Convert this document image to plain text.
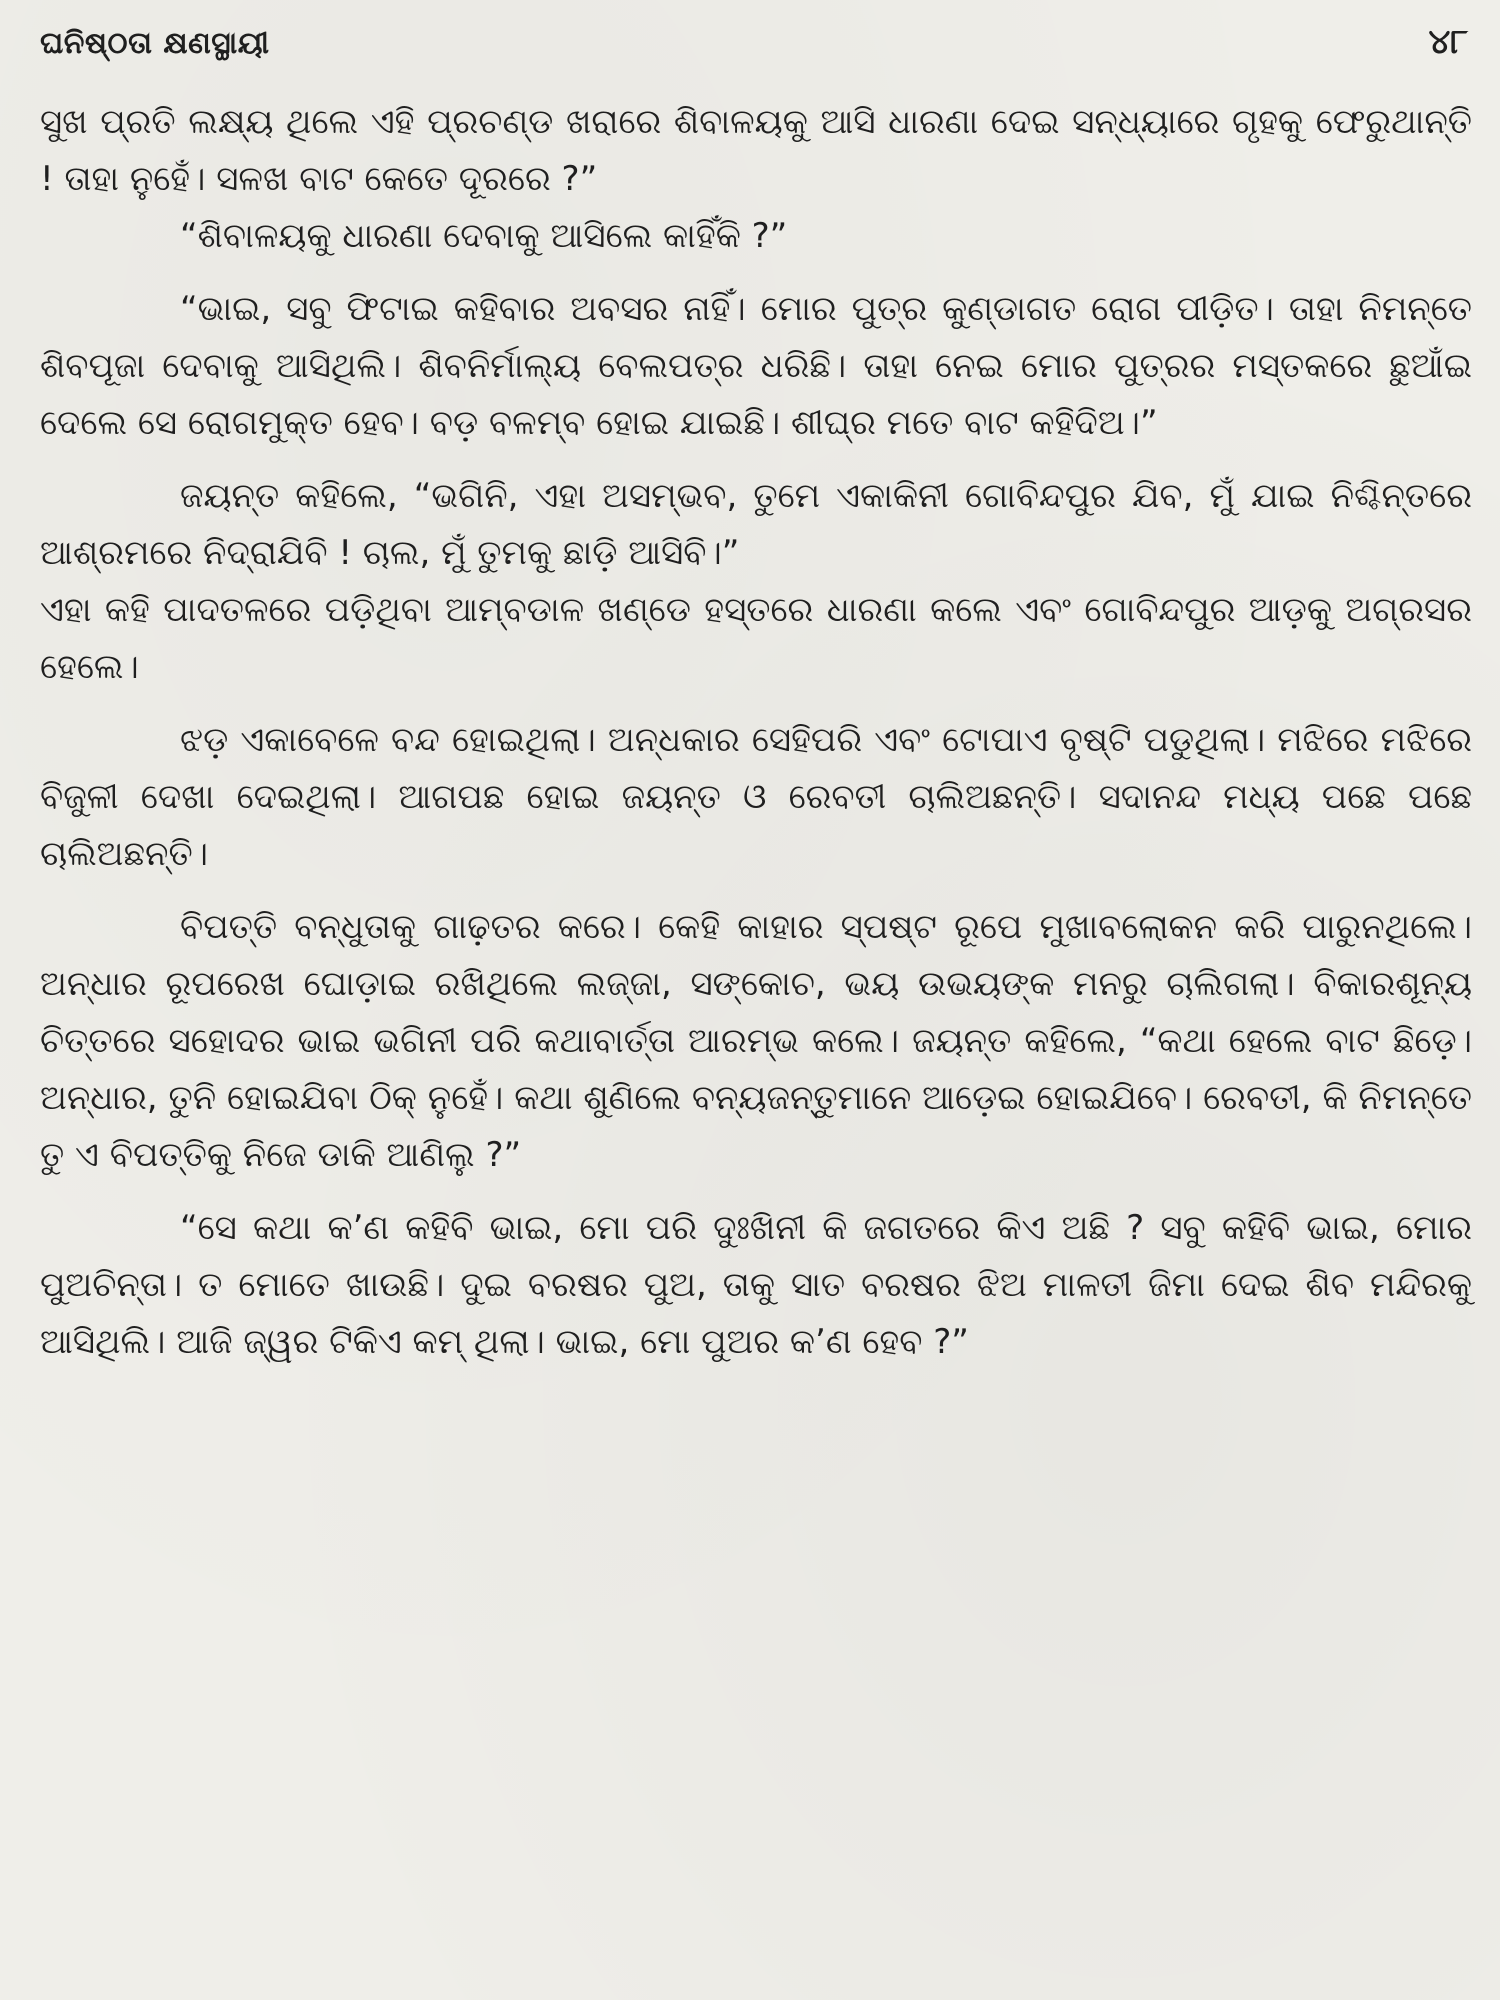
ଘନିଷ୍ଠତା କ୍ଷଣସ୍ଥାୟୀ	୪୮

ସୁଖ ପ୍ରତି ଲକ୍ଷ୍ୟ ଥିଲେ ଏହି ପ୍ରଚଣ୍ଡ ଖରାରେ ଶିବାଳୟକୁ ଆସି ଧାରଣା ଦେଇ ସନ୍ଧ୍ୟାରେ ଗୃହକୁ ଫେରୁଥାନ୍ତି ! ତାହା ନୁହେଁ। ସଳଖ ବାଟ କେତେ ଦୂରରେ ?”

“ଶିବାଳୟକୁ ଧାରଣା ଦେବାକୁ ଆସିଲେ କାହିଁକି ?”

“ଭାଇ, ସବୁ ଫିଟାଇ କହିବାର ଅବସର ନାହିଁ। ମୋର ପୁତ୍ର କୁଣ୍ଡାଗତ ରୋଗ ପୀଡ଼ିତ। ତାହା ନିମନ୍ତେ ଶିବପୂଜା ଦେବାକୁ ଆସିଥିଲି। ଶିବନିର୍ମାଲ୍ୟ ବେଲପତ୍ର ଧରିଛି। ତାହା ନେଇ ମୋର ପୁତ୍ରର ମସ୍ତକରେ ଛୁଆଁଇ ଦେଲେ ସେ ରୋଗମୁକ୍ତ ହେବ। ବଡ଼ ବଳମ୍ବ ହୋଇ ଯାଇଛି। ଶୀଘ୍ର ମତେ ବାଟ କହିଦିଅ।”

ଜୟନ୍ତ କହିଲେ, “ଭଗିନି, ଏହା ଅସମ୍ଭବ, ତୁମେ ଏକାକିନୀ ଗୋବିନ୍ଦପୁର ଯିବ, ମୁଁ ଯାଇ ନିଶ୍ଚିନ୍ତରେ ଆଶ୍ରମରେ ନିଦ୍ରାଯିବି ! ଚାଲ, ମୁଁ ତୁମକୁ ଛାଡ଼ି ଆସିବି।”

ଏହା କହି ପାଦତଳରେ ପଡ଼ିଥିବା ଆମ୍ବଡାଳ ଖଣ୍ଡେ ହସ୍ତରେ ଧାରଣା କଲେ ଏବଂ ଗୋବିନ୍ଦପୁର ଆଡ଼କୁ ଅଗ୍ରସର ହେଲେ।

ଝଡ଼ ଏକାବେଳେ ବନ୍ଦ ହୋଇଥିଲା। ଅନ୍ଧକାର ସେହିପରି ଏବଂ ଟୋପାଏ ବୃଷ୍ଟି ପଡୁଥିଲା। ମଝିରେ ମଝିରେ ବିଜୁଳୀ ଦେଖା ଦେଇଥିଲା। ଆଗପଛ ହୋଇ ଜୟନ୍ତ ଓ ରେବତୀ ଚାଲିଅଛନ୍ତି। ସଦାନନ୍ଦ ମଧ୍ୟ ପଛେ ପଛେ ଚାଲିଅଛନ୍ତି।

ବିପତ୍ତି ବନ୍ଧୁତାକୁ ଗାଢ଼ତର କରେ। କେହି କାହାର ସ୍ପଷ୍ଟ ରୂପେ ମୁଖାବଲୋକନ କରି ପାରୁନଥିଲେ। ଅନ୍ଧାର ରୂପରେଖ ଘୋଡ଼ାଇ ରଖିଥିଲେ ଲଜ୍ଜା, ସଙ୍କୋଚ, ଭୟ ଉଭୟଙ୍କ ମନରୁ ଚାଲିଗଲା। ବିକାରଶୂନ୍ୟ ଚିତ୍ତରେ ସହୋଦର ଭାଇ ଭଗିନୀ ପରି କଥାବାର୍ତ୍ତା ଆରମ୍ଭ କଲେ। ଜୟନ୍ତ କହିଲେ, “କଥା ହେଲେ ବାଟ ଛିଡ଼େ। ଅନ୍ଧାର, ତୁନି ହୋଇଯିବା ଠିକ୍ ନୁହେଁ। କଥା ଶୁଣିଲେ ବନ୍ୟଜନ୍ତୁମାନେ ଆଡ଼େଇ ହୋଇଯିବେ। ରେବତୀ, କି ନିମନ୍ତେ ତୁ ଏ ବିପତ୍ତିକୁ ନିଜେ ଡାକି ଆଣିଲୁ ?”

“ସେ କଥା କ’ଣ କହିବି ଭାଇ, ମୋ ପରି ଦୁଃଖିନୀ କି ଜଗତରେ କିଏ ଅଛି ? ସବୁ କହିବି ଭାଇ, ମୋର ପୁଅଚିନ୍ତା। ତ ମୋତେ ଖାଉଛି। ଦୁଇ ବରଷର ପୁଅ, ତାକୁ ସାତ ବରଷର ଝିଅ ମାଳତୀ ଜିମା ଦେଇ ଶିବ ମନ୍ଦିରକୁ ଆସିଥିଲି। ଆଜି ଜ୍ୱର ଟିକିଏ କମ୍ ଥିଲା। ଭାଇ, ମୋ ପୁଅର କ’ଣ ହେବ ?”
